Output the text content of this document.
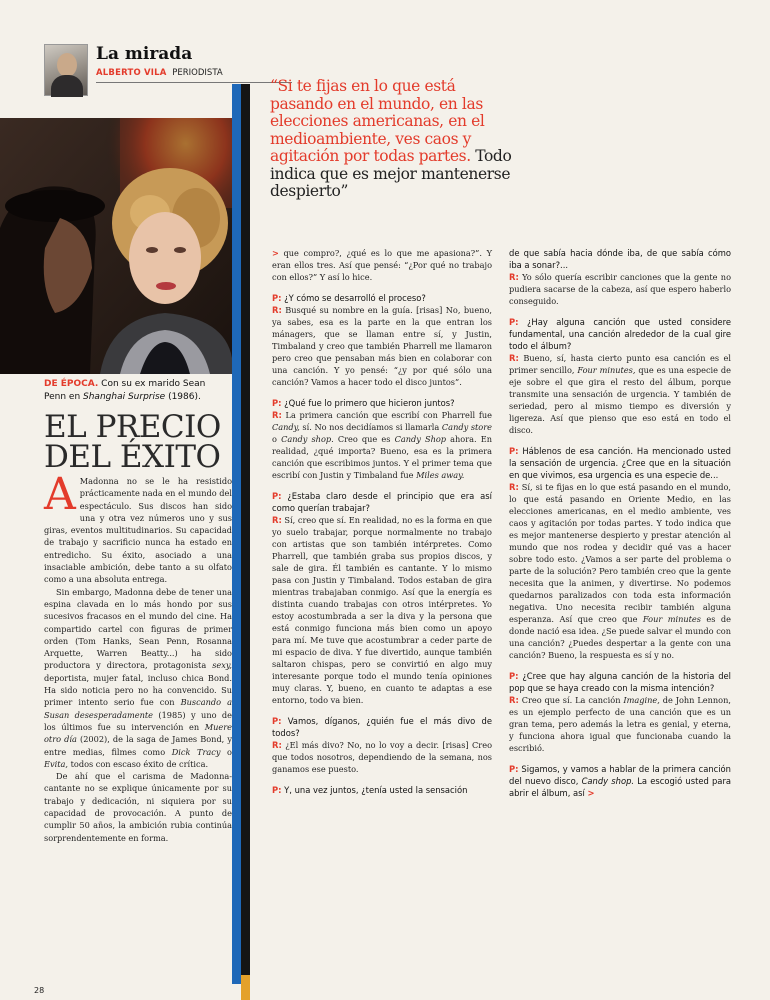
La mirada
ALBERTO VILA PERIODISTA
DE ÉPOCA. Con su ex marido Sean Penn en Shanghai Surprise (1986).
EL PRECIO
DEL ÉXITO

A Madonna no se le ha resistido prácticamente nada en el mundo del espectáculo. Sus discos han sido una y otra vez números uno y sus giras, eventos multitudinarios. Su capacidad de trabajo y sacrificio nunca ha estado en entredicho. Su éxito, asociado a una insaciable ambición, debe tanto a su olfato como a una absoluta entrega.

Sin embargo, Madonna debe de tener una espina clavada en lo más hondo por sus sucesivos fracasos en el mundo del cine. Ha compartido cartel con figuras de primer orden (Tom Hanks, Sean Penn, Rosanna Arquette, Warren Beatty...) ha sido productora y directora, protagonista sexy, deportista, mujer fatal, incluso chica Bond. Ha sido noticia pero no ha convencido. Su primer intento serio fue con Buscando a Susan desesperadamente (1985) y uno de los últimos fue su intervención en Muere otro día (2002), de la saga de James Bond, y entre medias, filmes como Dick Tracy o Evita, todos con escaso éxito de crítica.

De ahí que el carisma de Madonna-cantante no se explique únicamente por su trabajo y dedicación, ni siquiera por su capacidad de provocación. A punto de cumplir 50 años, la ambición rubia continúa sorprendentemente en forma.

“Si te fijas en lo que está pasando en el mundo, en las elecciones americanas, en el medioambiente, ves caos y agitación por todas partes. Todo indica que es mejor mantenerse despierto”

> que compro?, ¿qué es lo que me apasiona?”. Y eran ellos tres. Así que pensé: “¿Por qué no trabajo con ellos?” Y así lo hice.

P: ¿Y cómo se desarrolló el proceso?
R: Busqué su nombre en la guía. [risas] No, bueno, ya sabes, esa es la parte en la que entran los mánagers, que se llaman entre sí, y Justin, Timbaland y creo que también Pharrell me llamaron pero creo que pensaban más bien en colaborar con una canción. Y yo pensé: “¿y por qué sólo una canción? Vamos a hacer todo el disco juntos”.

P: ¿Qué fue lo primero que hicieron juntos?
R: La primera canción que escribí con Pharrell fue Candy, sí. No nos decidíamos si llamarla Candy store o Candy shop. Creo que es Candy Shop ahora. En realidad, ¿qué importa? Bueno, esa es la primera canción que escribimos juntos. Y el primer tema que escribí con Justin y Timbaland fue Miles away.

P: ¿Estaba claro desde el principio que era así como querían trabajar?
R: Sí, creo que sí. En realidad, no es la forma en que yo suelo trabajar, porque normalmente no trabajo con artistas que son también intérpretes. Como Pharrell, que también graba sus propios discos, y sale de gira. Él también es cantante. Y lo mismo pasa con Justin y Timbaland. Todos estaban de gira mientras trabajaban conmigo. Así que la energía es distinta cuando trabajas con otros intérpretes. Yo estoy acostumbrada a ser la diva y la persona que está conmigo funciona más bien como un apoyo para mí. Me tuve que acostumbrar a ceder parte de mi espacio de diva. Y fue divertido, aunque también saltaron chispas, pero se convirtió en algo muy interesante porque todo el mundo tenía opiniones muy claras. Y, bueno, en cuanto te adaptas a ese entorno, todo va bien.

P: Vamos, díganos, ¿quién fue el más divo de todos?
R: ¿El más divo? No, no lo voy a decir. [risas] Creo que todos nosotros, dependiendo de la semana, nos ganamos ese puesto.

P: Y, una vez juntos, ¿tenía usted la sensación

de que sabía hacia dónde iba, de que sabía cómo iba a sonar?...
R: Yo sólo quería escribir canciones que la gente no pudiera sacarse de la cabeza, así que espero haberlo conseguido.

P: ¿Hay alguna canción que usted considere fundamental, una canción alrededor de la cual gire todo el álbum?
R: Bueno, sí, hasta cierto punto esa canción es el primer sencillo, Four minutes, que es una especie de eje sobre el que gira el resto del álbum, porque transmite una sensación de urgencia. Y también de seriedad, pero al mismo tiempo es diversión y ligereza. Así que pienso que eso está en todo el disco.

P: Háblenos de esa canción. Ha mencionado usted la sensación de urgencia. ¿Cree que en la situación en que vivimos, esa urgencia es una especie de...
R: Sí, si te fijas en lo que está pasando en el mundo, lo que está pasando en Oriente Medio, en las elecciones americanas, en el medio ambiente, ves caos y agitación por todas partes. Y todo indica que es mejor mantenerse despierto y prestar atención al mundo que nos rodea y decidir qué vas a hacer sobre todo esto. ¿Vamos a ser parte del problema o parte de la solución? Pero también creo que la gente necesita que la animen, y divertirse. No podemos quedarnos paralizados con toda esta información negativa. Uno necesita recibir también alguna esperanza. Así que creo que Four minutes es de donde nació esa idea. ¿Se puede salvar el mundo con una canción? ¿Puedes despertar a la gente con una canción? Bueno, la respuesta es sí y no.

P: ¿Cree que hay alguna canción de la historia del pop que se haya creado con la misma intención?
R: Creo que sí. La canción Imagine, de John Lennon, es un ejemplo perfecto de una canción que es un gran tema, pero además la letra es genial, y eterna, y funciona ahora igual que funcionaba cuando la escribió.

P: Sigamos, y vamos a hablar de la primera canción del nuevo disco, Candy shop. La escogió usted para abrir el álbum, así >

28
